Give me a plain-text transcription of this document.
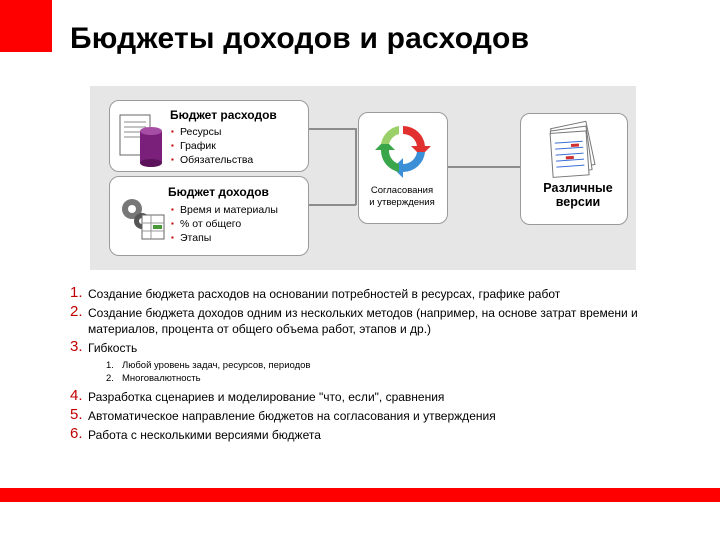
Бюджеты доходов и расходов
Бюджет расходов
▪ Ресурсы
▪ График
▪ Обязательства
Бюджет доходов
▪ Время и материалы
▪ % от общего
▪ Этапы
Согласования
и утверждения
Различные
версии
1. Создание бюджета расходов на основании потребностей в ресурсах, графике работ
2. Создание бюджета доходов одним из нескольких методов (например, на основе затрат времени и материалов, процента от общего объема работ, этапов и др.)
3. Гибкость
1. Любой уровень задач, ресурсов, периодов
2. Многовалютность
4. Разработка сценариев и моделирование "что, если", сравнения
5. Автоматическое направление бюджетов на согласования и утверждения
6. Работа с несколькими версиями бюджета
